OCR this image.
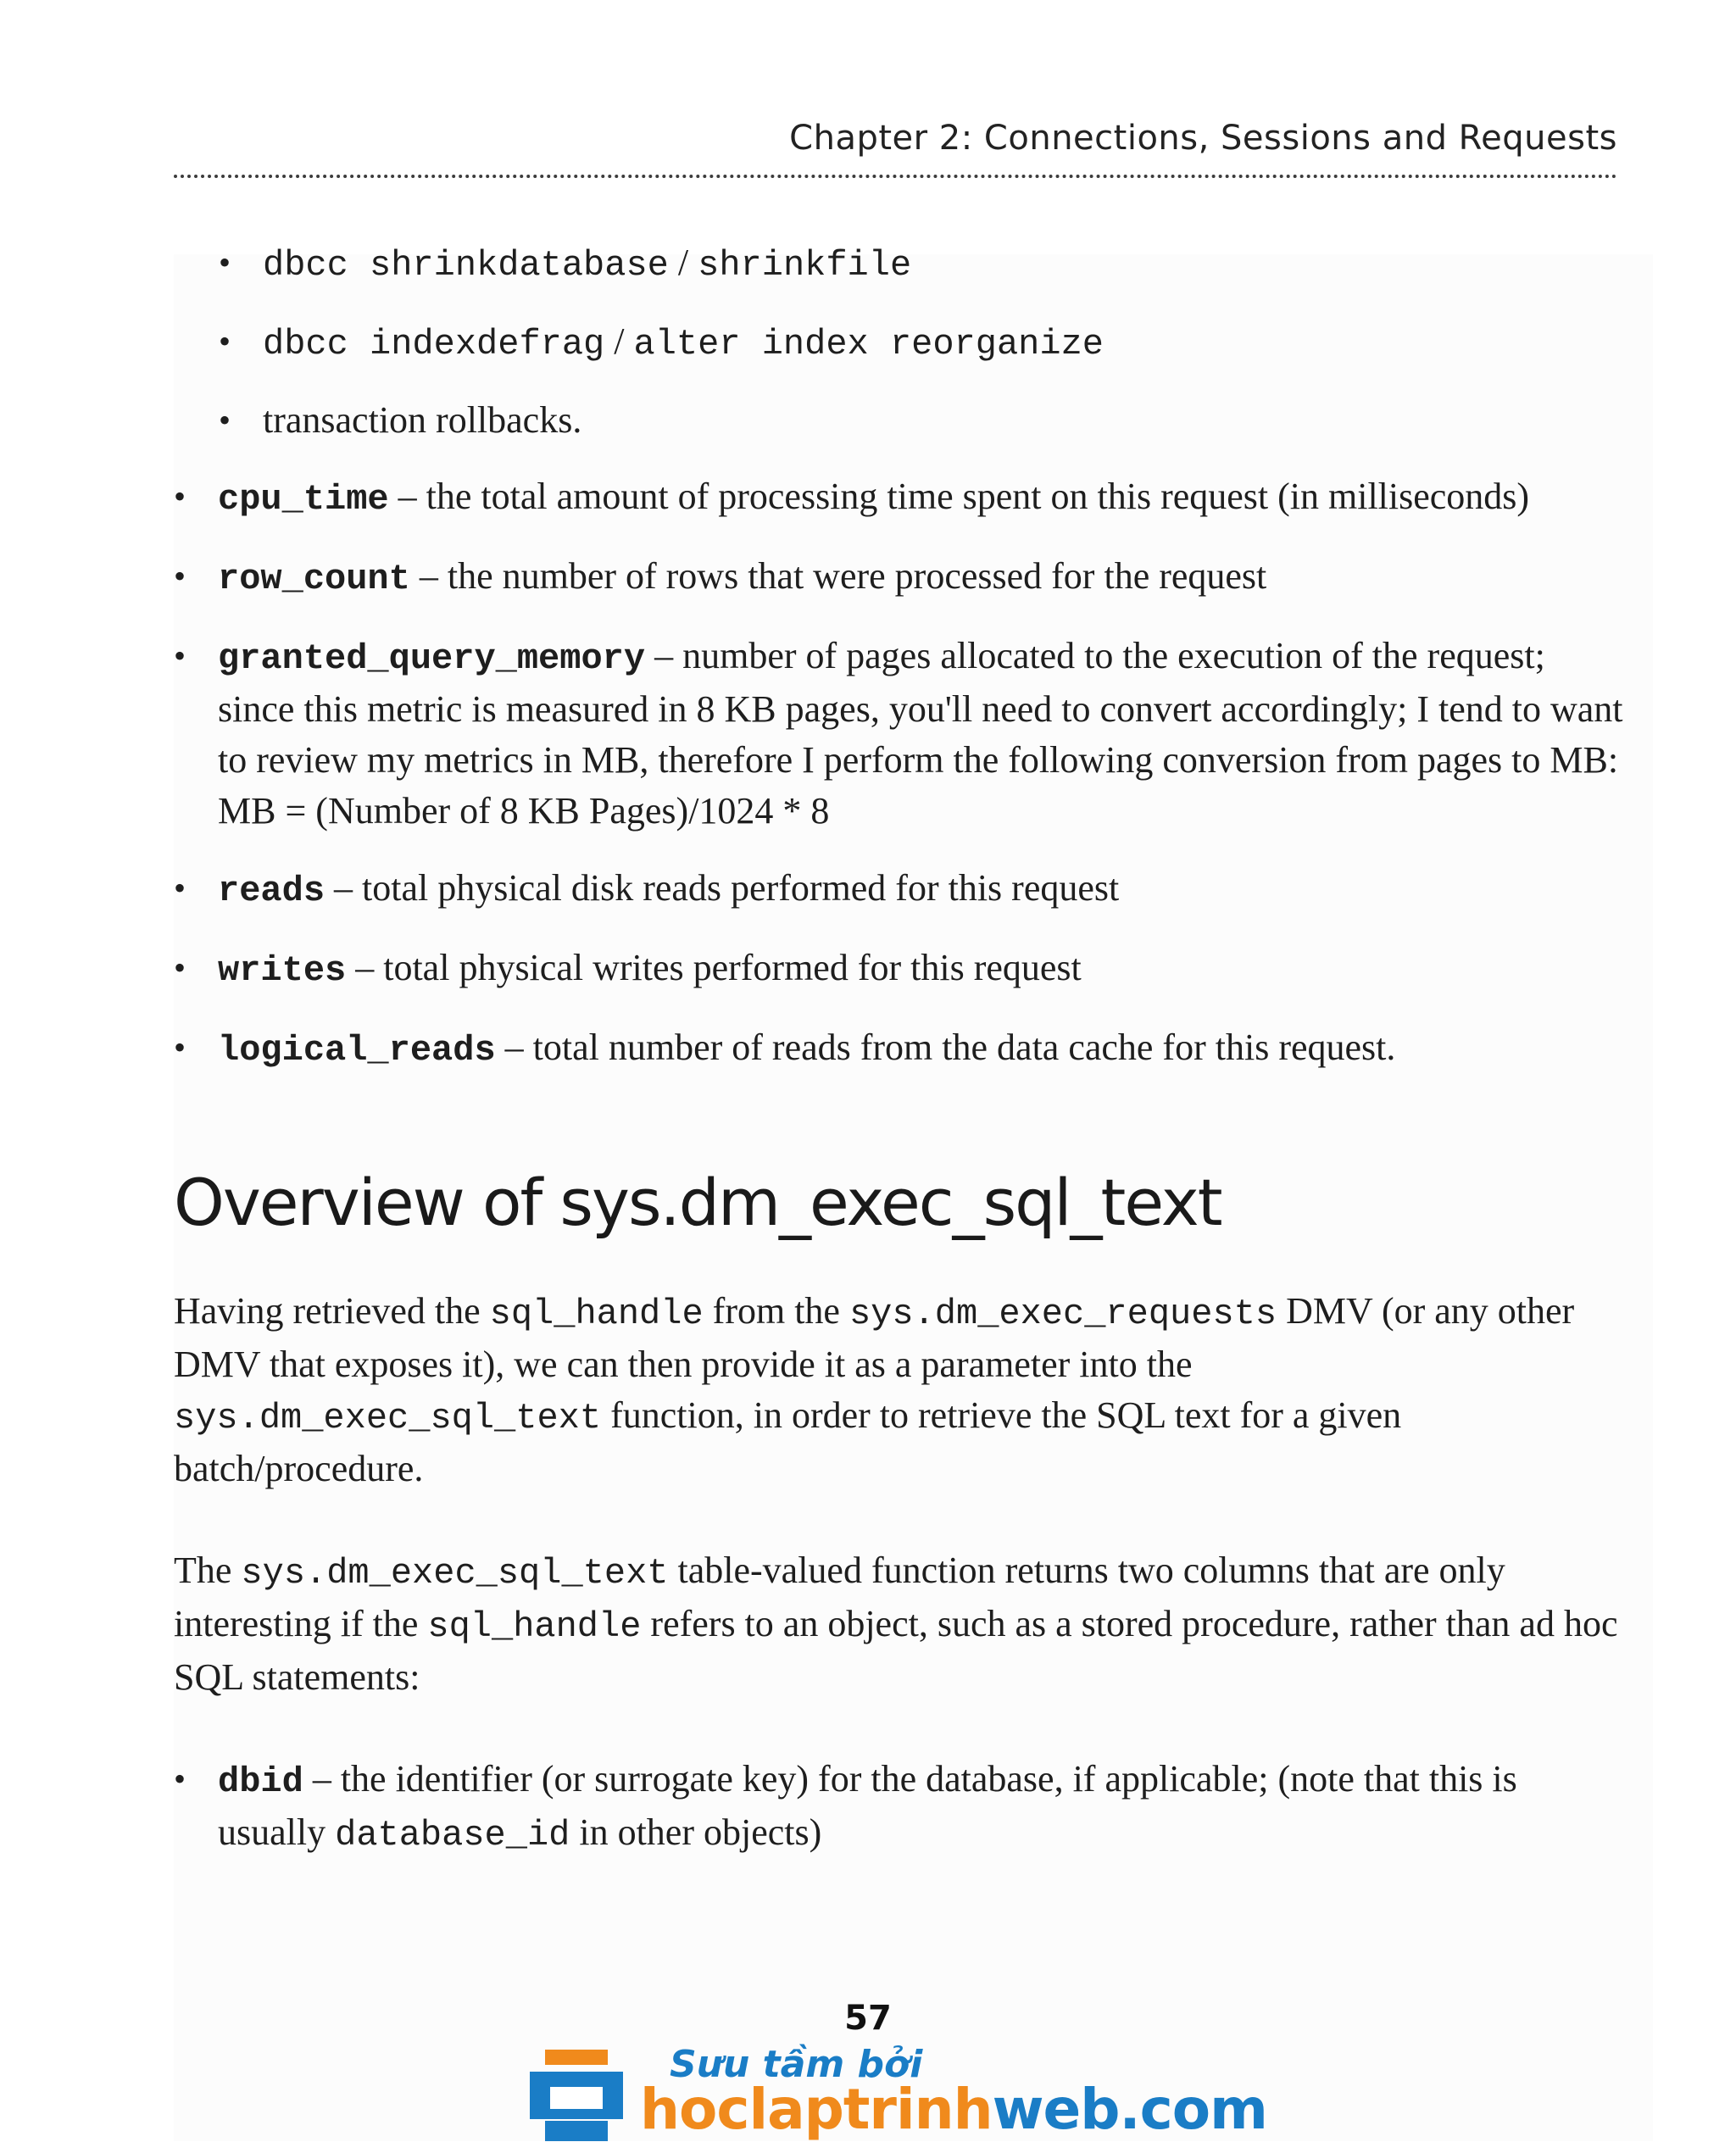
Chapter 2: Connections, Sessions and Requests
• dbcc shrinkdatabase / shrinkfile
• dbcc indexdefrag / alter index reorganize
• transaction rollbacks.
• cpu_time – the total amount of processing time spent on this request (in milliseconds)
• row_count – the number of rows that were processed for the request
• granted_query_memory – number of pages allocated to the execution of the request; since this metric is measured in 8 KB pages, you'll need to convert accordingly; I tend to want to review my metrics in MB, therefore I perform the following conversion from pages to MB: MB = (Number of 8 KB Pages)/1024 * 8
• reads – total physical disk reads performed for this request
• writes – total physical writes performed for this request
• logical_reads – total number of reads from the data cache for this request.
Overview of sys.dm_exec_sql_text

Having retrieved the sql_handle from the sys.dm_exec_requests DMV (or any other DMV that exposes it), we can then provide it as a parameter into the sys.dm_exec_sql_text function, in order to retrieve the SQL text for a given batch/procedure.

The sys.dm_exec_sql_text table-valued function returns two columns that are only interesting if the sql_handle refers to an object, such as a stored procedure, rather than ad hoc SQL statements:

• dbid – the identifier (or surrogate key) for the database, if applicable; (note that this is usually database_id in other objects)
57
Sưu tầm bởi
hoclaptrinhweb.com
